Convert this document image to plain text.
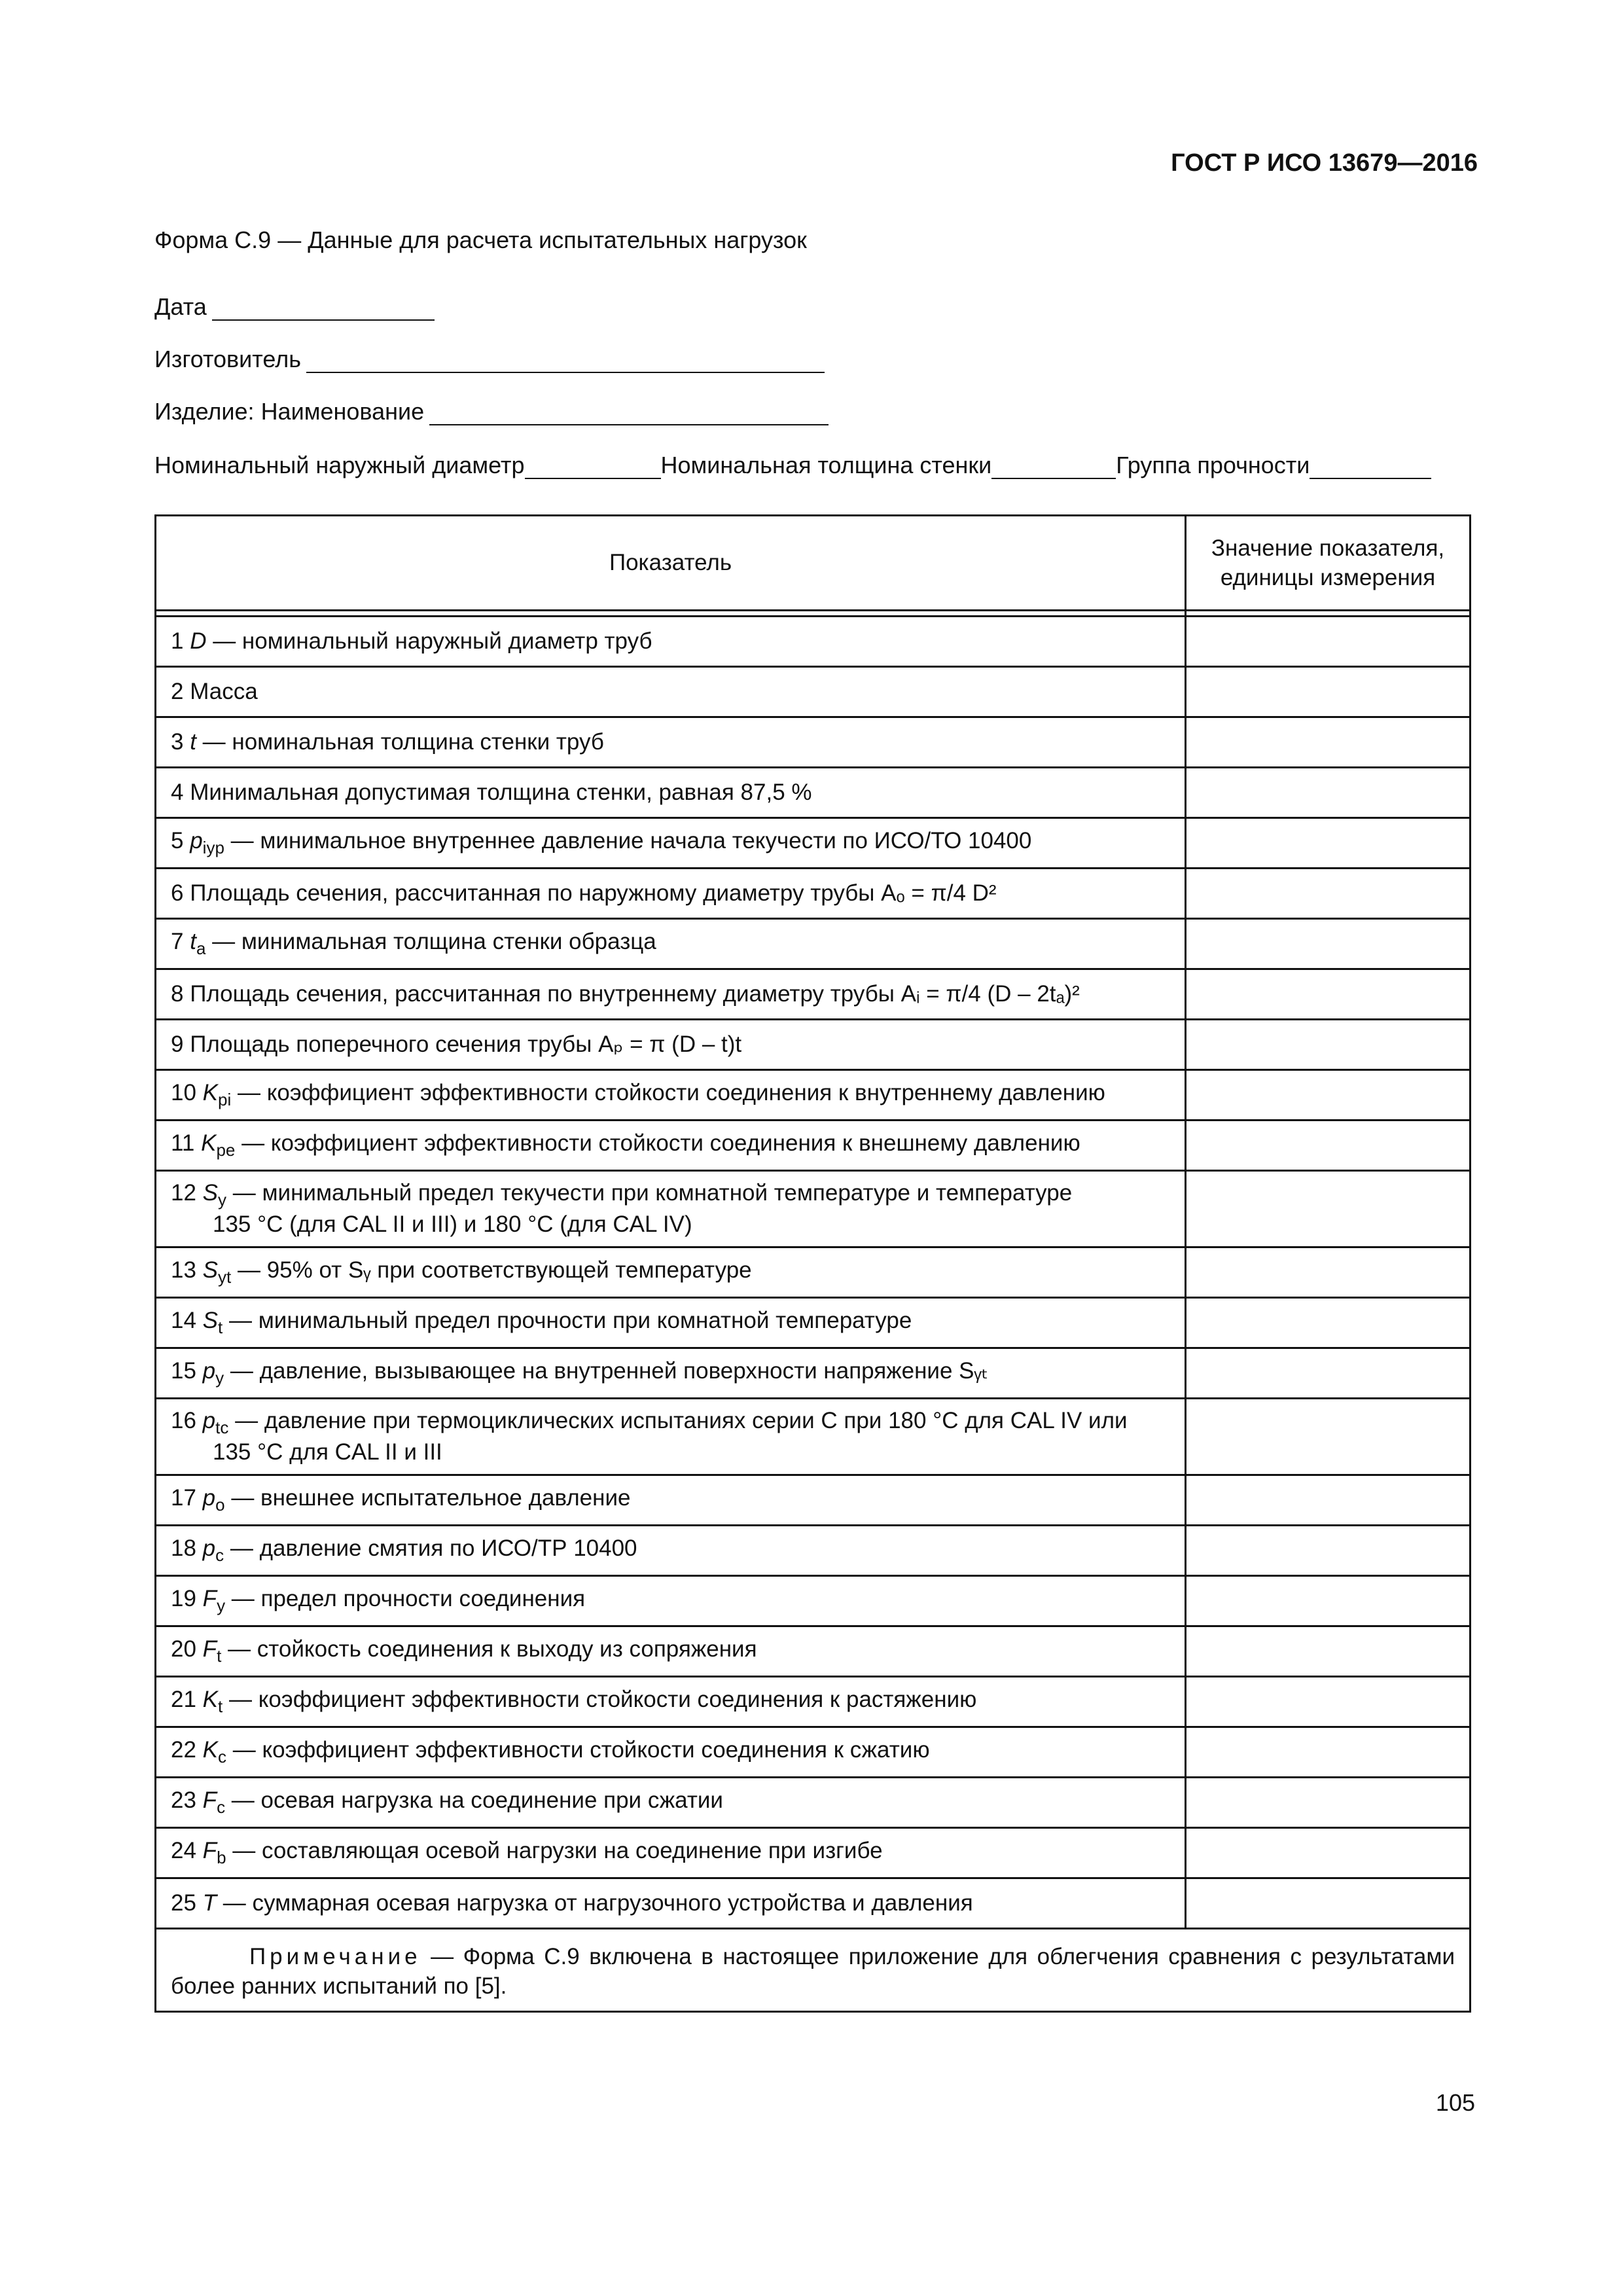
ГОСТ Р ИСО 13679—2016
Форма С.9 — Данные для расчета испытательных нагрузок
Дата
Изготовитель
Изделие: Наименование
Номинальный наружный диаметр	Номинальная толщина стенки	Группа прочности
Показатель	Значение показателя, единицы измерения

1 D — номинальный наружный диаметр труб	
2 Масса	
3 t — номинальная толщина стенки труб	
4 Минимальная допустимая толщина стенки, равная 87,5 %	
5 $p_{iyp}$ — минимальное внутреннее давление начала текучести по ИСО/ТО 10400	
6 Площадь сечения, рассчитанная по наружному диаметру трубы Aₒ = π/4 D²	
7 $t_a$ — минимальная толщина стенки образца	
8 Площадь сечения, рассчитанная по внутреннему диаметру трубы Aᵢ = π/4 (D – 2tₐ)²	
9 Площадь поперечного сечения трубы Aₚ = π (D – t)t	
10 $K_{pi}$ — коэффициент эффективности стойкости соединения к внутреннему давлению	
11 $K_{pe}$ — коэффициент эффективности стойкости соединения к внешнему давлению	
12 $S_y$ — минимальный предел текучести при комнатной температуре и температуре
135 °C (для CAL II и III) и 180 °C (для CAL IV)	

13 $S_{yt}$ — 95% от Sᵧ при соответствующей температуре	
14 $S_t$ — минимальный предел прочности при комнатной температуре	
15 $p_y$ — давление, вызывающее на внутренней поверхности напряжение Sᵧₜ	
16 $p_{tc}$ — давление при термоциклических испытаниях серии С при 180 °C для CAL IV или
135 °C для CAL II и III	

17 $p_o$ — внешнее испытательное давление	
18 $p_c$ — давление смятия по ИСО/ТР 10400	
19 $F_y$ — предел прочности соединения	
20 $F_t$ — стойкость соединения к выходу из сопряжения	
21 $K_t$ — коэффициент эффективности стойкости соединения к растяжению	
22 $K_c$ — коэффициент эффективности стойкости соединения к сжатию	
23 $F_c$ — осевая нагрузка на соединение при сжатии	
24 $F_b$ — составляющая осевой нагрузки на соединение при изгибе	
25 T — суммарная осевая нагрузка от нагрузочного устройства и давления	
Примечание — Форма С.9 включена в настоящее приложение для облегчения сравнения с результатами более ранних испытаний по [5].	
105
